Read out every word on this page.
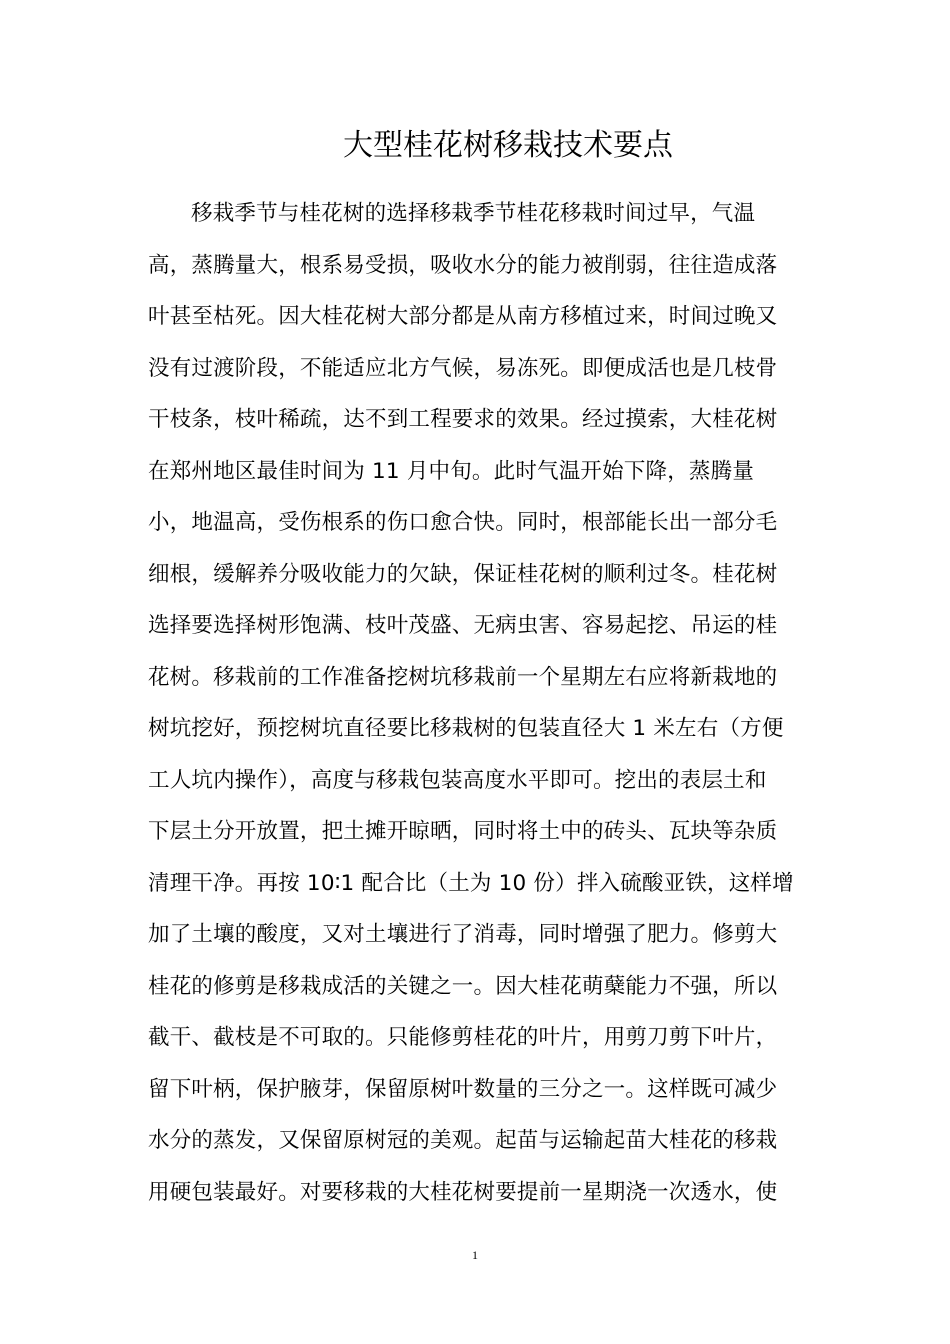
大型桂花树移栽技术要点
移栽季节与桂花树的选择移栽季节桂花移栽时间过早，气温
高，蒸腾量大，根系易受损，吸收水分的能力被削弱，往往造成落
叶甚至枯死。因大桂花树大部分都是从南方移植过来，时间过晚又
没有过渡阶段，不能适应北方气候，易冻死。即便成活也是几枝骨
干枝条，枝叶稀疏，达不到工程要求的效果。经过摸索，大桂花树
在郑州地区最佳时间为 11 月中旬。此时气温开始下降，蒸腾量
小，地温高，受伤根系的伤口愈合快。同时，根部能长出一部分毛
细根，缓解养分吸收能力的欠缺，保证桂花树的顺利过冬。桂花树
选择要选择树形饱满、枝叶茂盛、无病虫害、容易起挖、吊运的桂
花树。移栽前的工作准备挖树坑移栽前一个星期左右应将新栽地的
树坑挖好，预挖树坑直径要比移栽树的包装直径大 1 米左右（方便
工人坑内操作），高度与移栽包装高度水平即可。挖出的表层土和
下层土分开放置，把土摊开晾晒，同时将土中的砖头、瓦块等杂质
清理干净。再按 10∶1 配合比（土为 10 份）拌入硫酸亚铁，这样增
加了土壤的酸度，又对土壤进行了消毒，同时增强了肥力。修剪大
桂花的修剪是移栽成活的关键之一。因大桂花萌蘖能力不强，所以
截干、截枝是不可取的。只能修剪桂花的叶片，用剪刀剪下叶片，
留下叶柄，保护腋芽，保留原树叶数量的三分之一。这样既可减少
水分的蒸发，又保留原树冠的美观。起苗与运输起苗大桂花的移栽
用硬包装最好。对要移栽的大桂花树要提前一星期浇一次透水，使
1
